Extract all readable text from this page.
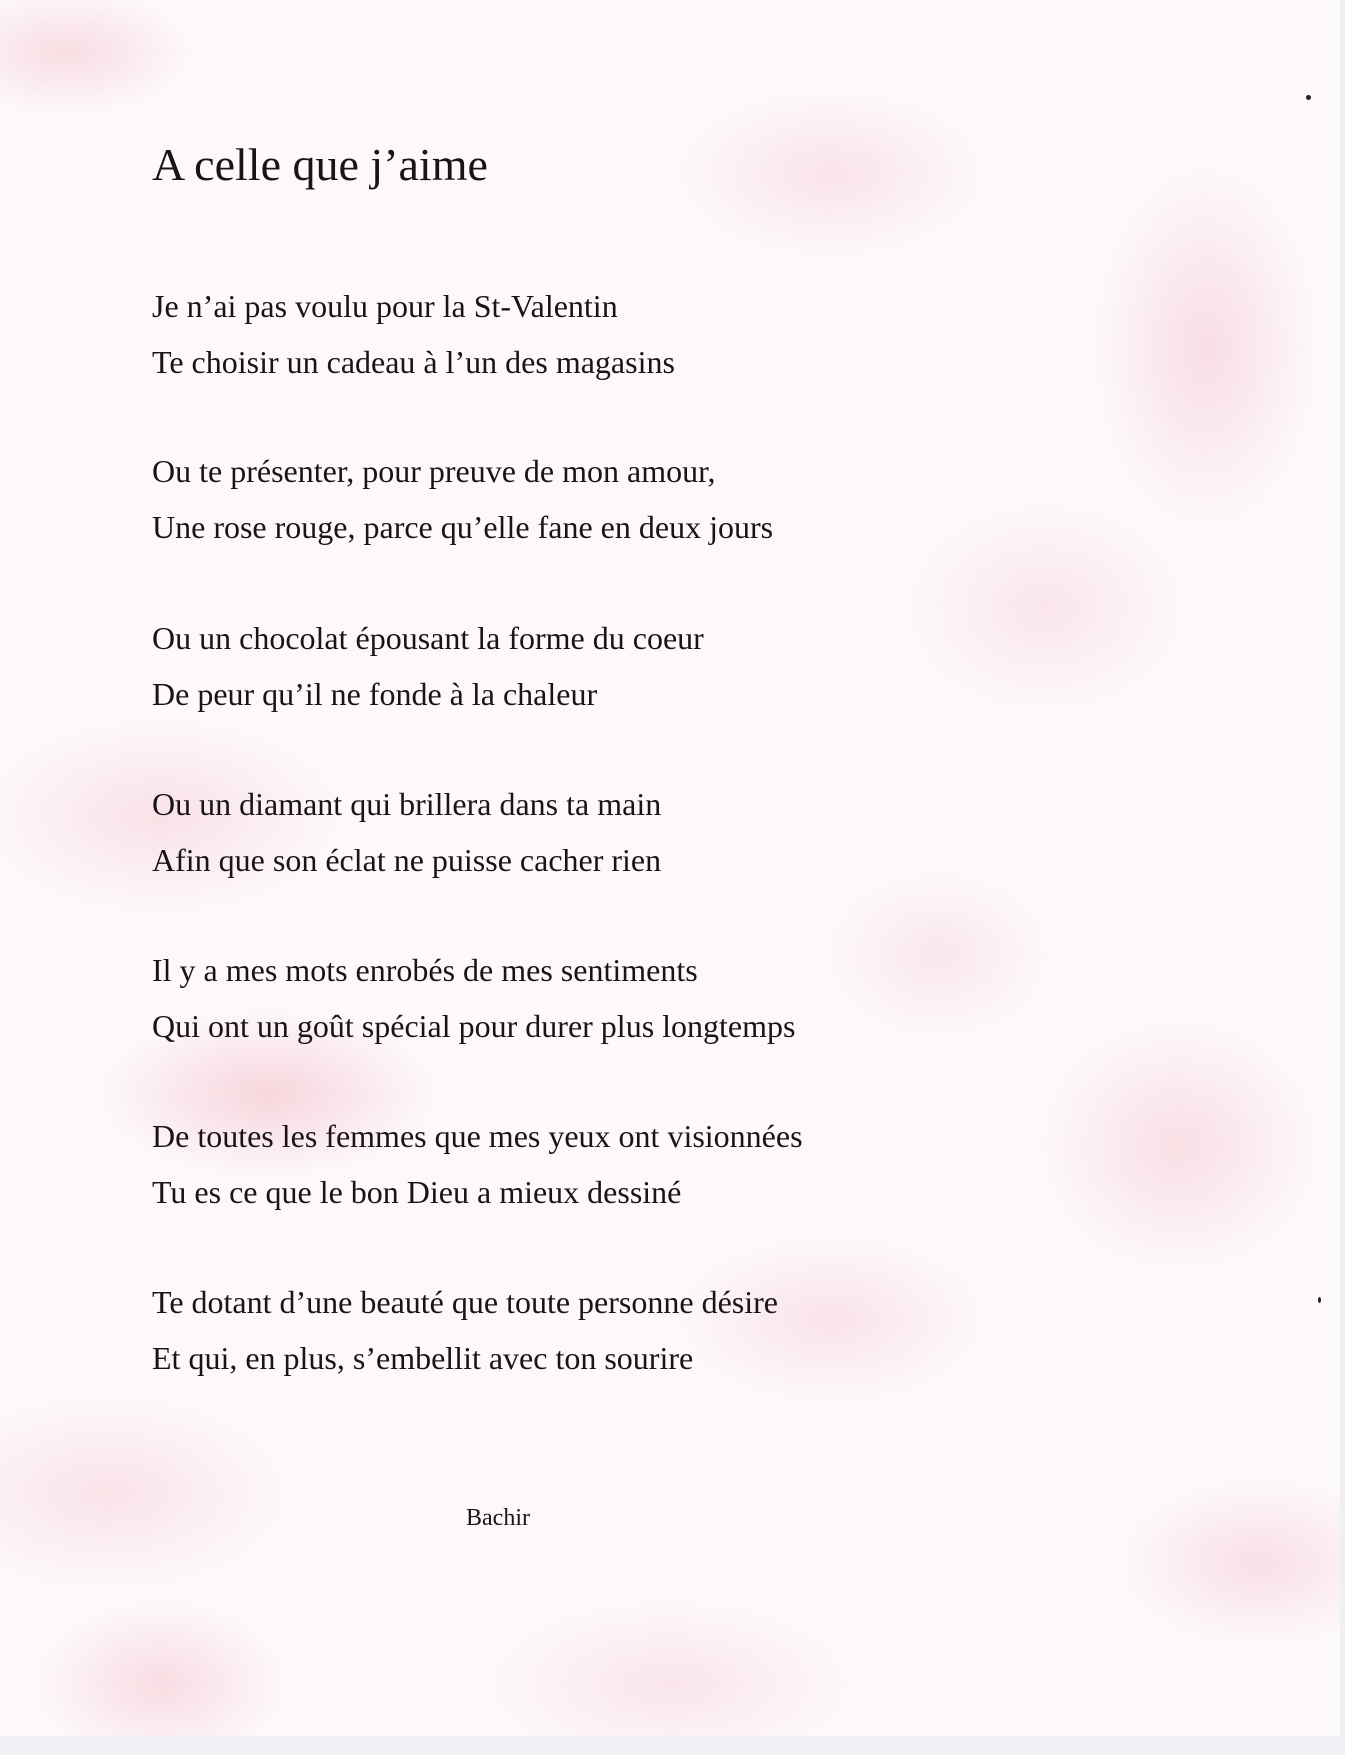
A celle que j’aime

Je n’ai pas voulu pour la St-Valentin
Te choisir un cadeau à l’un des magasins

Ou te présenter, pour preuve de mon amour,
Une rose rouge, parce qu’elle fane en deux jours

Ou un chocolat épousant la forme du coeur
De peur qu’il ne fonde à la chaleur

Ou un diamant qui brillera dans ta main
Afin que son éclat ne puisse cacher rien

Il y a mes mots enrobés de mes sentiments
Qui ont un goût spécial pour durer plus longtemps

De toutes les femmes que mes yeux ont visionnées
Tu es ce que le bon Dieu a mieux dessiné

Te dotant d’une beauté que toute personne désire
Et qui, en plus, s’embellit avec ton sourire

Bachir
